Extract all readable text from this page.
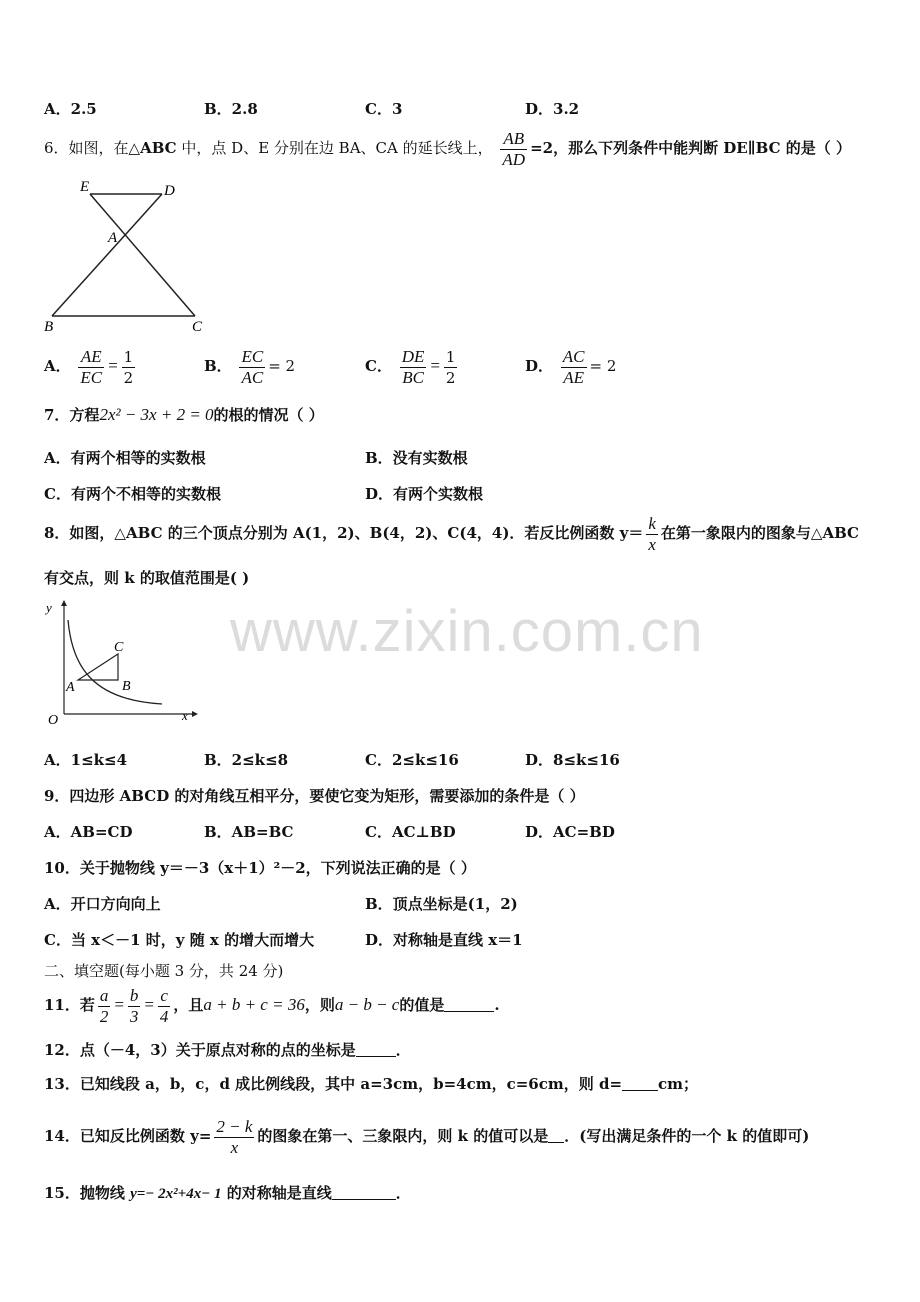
www.zixin.com.cn
A．2.5	B．2.8	C．3	D．3.2
6．如图，在△ABC 中，点 D、E 分别在边 BA、CA 的延长线上， $\frac{AB}{AD} =2$，那么下列条件中能判断 DE∥BC 的是（ ）
E	D
A
B	C
A． $\frac{AE}{EC} = \frac{1}{2}$	B． $\frac{EC}{AC} = 2$	C． $\frac{DE}{BC} = \frac{1}{2}$	D． $\frac{AC}{AE} = 2$
7．方程2x² − 3x + 2 = 0的根的情况（ ）
A．有两个相等的实数根	B．没有实数根
C．有两个不相等的实数根	D．有两个实数根
8．如图，△ABC 的三个顶点分别为 A(1，2)、B(4，2)、C(4，4)．若反比例函数 $y= \frac{k}{x}$ 在第一象限内的图象与△ABC
有交点，则 k 的取值范围是( )
y
x
O
A	B
C
A．1≤k≤4	B．2≤k≤8	C．2≤k≤16	D．8≤k≤16
9．四边形 ABCD 的对角线互相平分，要使它变为矩形，需要添加的条件是（ ）
A．AB=CD	B．AB=BC	C．AC⊥BD	D．AC=BD
10．关于抛物线 y＝－3（x＋1）²－2，下列说法正确的是（ ）
A．开口方向向上	B．顶点坐标是(1，2)
C．当 x＜－1 时，y 随 x 的增大而增大	D．对称轴是直线 x＝1
二、填空题(每小题 3 分，共 24 分)
11．若 $\frac{a}{2} = \frac{b}{3} = \frac{c}{4}$ ，且a + b + c = 36，则a − b − c的值是	.
12．点（－4，3）关于原点对称的点的坐标是	．
13．已知线段 a，b，c，d 成比例线段，其中 a=3cm，b=4cm，c=6cm，则 d= cm；
14．已知反比例函数 $y= \frac{2 - k}{x}$ 的图象在第一、三象限内，则 k 的值可以是 ．(写出满足条件的一个 k 的值即可)
15．抛物线 y=− 2x²+4x− 1 的对称轴是直线	．
